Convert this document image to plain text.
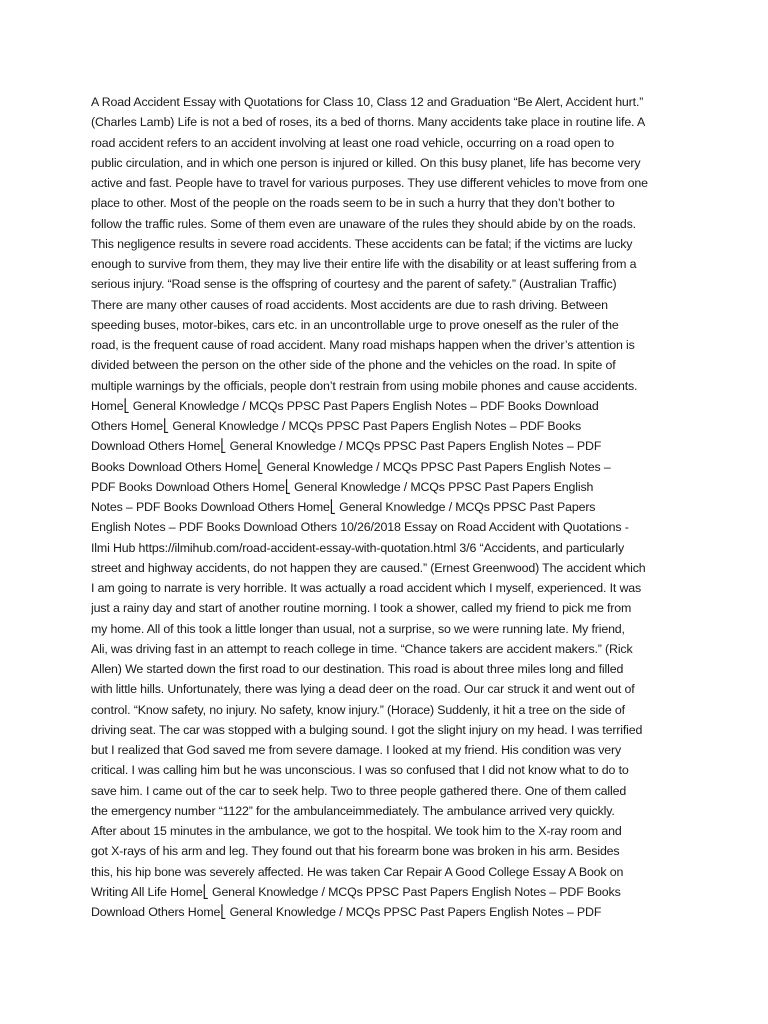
A Road Accident Essay with Quotations for Class 10, Class 12 and Graduation “Be Alert, Accident hurt.”
(Charles Lamb) Life is not a bed of roses, its a bed of thorns. Many accidents take place in routine life. A
road accident refers to an accident involving at least one road vehicle, occurring on a road open to
public circulation, and in which one person is injured or killed. On this busy planet, life has become very
active and fast. People have to travel for various purposes. They use different vehicles to move from one
place to other. Most of the people on the roads seem to be in such a hurry that they don’t bother to
follow the traffic rules. Some of them even are unaware of the rules they should abide by on the roads.
This negligence results in severe road accidents. These accidents can be fatal; if the victims are lucky
enough to survive from them, they may live their entire life with the disability or at least suffering from a
serious injury. “Road sense is the offspring of courtesy and the parent of safety.” (Australian Traffic)
There are many other causes of road accidents. Most accidents are due to rash driving. Between
speeding buses, motor-bikes, cars etc. in an uncontrollable urge to prove oneself as the ruler of the
road, is the frequent cause of road accident. Many road mishaps happen when the driver’s attention is
divided between the person on the other side of the phone and the vehicles on the road. In spite of
multiple warnings by the officials, people don’t restrain from using mobile phones and cause accidents.
Home⎣ General Knowledge / MCQs PPSC Past Papers English Notes – PDF Books Download
Others Home⎣ General Knowledge / MCQs PPSC Past Papers English Notes – PDF Books
Download Others Home⎣ General Knowledge / MCQs PPSC Past Papers English Notes – PDF
Books Download Others Home⎣ General Knowledge / MCQs PPSC Past Papers English Notes –
PDF Books Download Others Home⎣ General Knowledge / MCQs PPSC Past Papers English
Notes – PDF Books Download Others Home⎣ General Knowledge / MCQs PPSC Past Papers
English Notes – PDF Books Download Others 10/26/2018 Essay on Road Accident with Quotations -
Ilmi Hub https://ilmihub.com/road-accident-essay-with-quotation.html 3/6 “Accidents, and particularly
street and highway accidents, do not happen they are caused.” (Ernest Greenwood) The accident which
I am going to narrate is very horrible. It was actually a road accident which I myself, experienced. It was
just a rainy day and start of another routine morning. I took a shower, called my friend to pick me from
my home. All of this took a little longer than usual, not a surprise, so we were running late. My friend,
Ali, was driving fast in an attempt to reach college in time. “Chance takers are accident makers.” (Rick
Allen) We started down the first road to our destination. This road is about three miles long and filled
with little hills. Unfortunately, there was lying a dead deer on the road. Our car struck it and went out of
control. “Know safety, no injury. No safety, know injury.” (Horace) Suddenly, it hit a tree on the side of
driving seat. The car was stopped with a bulging sound. I got the slight injury on my head. I was terrified
but I realized that God saved me from severe damage. I looked at my friend. His condition was very
critical. I was calling him but he was unconscious. I was so confused that I did not know what to do to
save him. I came out of the car to seek help. Two to three people gathered there. One of them called
the emergency number “1122” for the ambulanceimmediately. The ambulance arrived very quickly.
After about 15 minutes in the ambulance, we got to the hospital. We took him to the X-ray room and
got X-rays of his arm and leg. They found out that his forearm bone was broken in his arm. Besides
this, his hip bone was severely affected. He was taken Car Repair A Good College Essay A Book on
Writing All Life Home⎣ General Knowledge / MCQs PPSC Past Papers English Notes – PDF Books
Download Others Home⎣ General Knowledge / MCQs PPSC Past Papers English Notes – PDF
